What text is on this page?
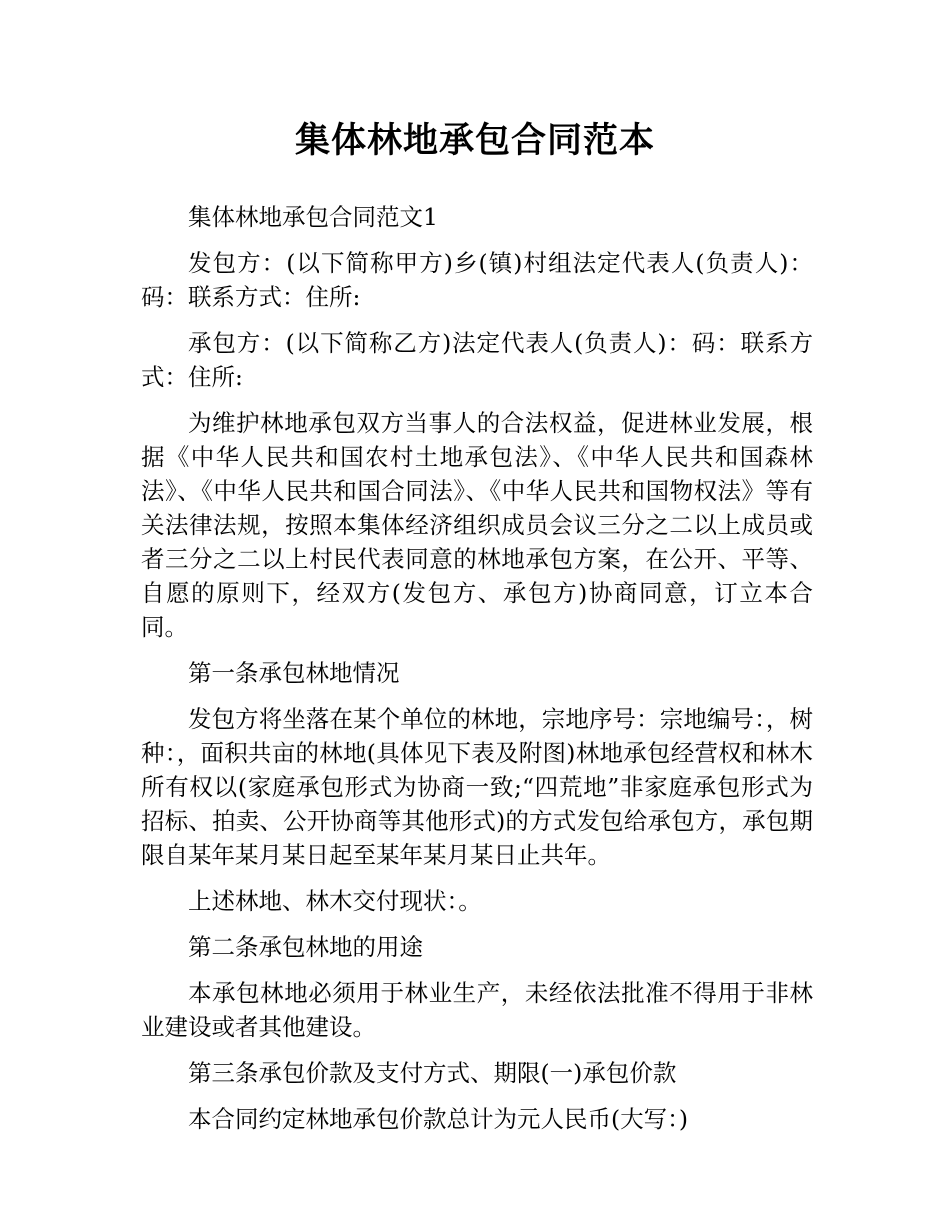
集体林地承包合同范本

集体林地承包合同范文1

发包方：(以下简称甲方)乡(镇)村组法定代表人(负责人)：码：联系方式：住所:

承包方：(以下简称乙方)法定代表人(负责人)：码：联系方式：住所:

为维护林地承包双方当事人的合法权益，促进林业发展，根据《中华人民共和国农村土地承包法》、《中华人民共和国森林法》、《中华人民共和国合同法》、《中华人民共和国物权法》等有关法律法规，按照本集体经济组织成员会议三分之二以上成员或者三分之二以上村民代表同意的林地承包方案，在公开、平等、自愿的原则下，经双方(发包方、承包方)协商同意，订立本合同。

第一条承包林地情况

发包方将坐落在某个单位的林地，宗地序号：宗地编号：，树种：，面积共亩的林地(具体见下表及附图)林地承包经营权和林木所有权以(家庭承包形式为协商一致;“四荒地”非家庭承包形式为招标、拍卖、公开协商等其他形式)的方式发包给承包方，承包期限自某年某月某日起至某年某月某日止共年。

上述林地、林木交付现状：。

第二条承包林地的用途

本承包林地必须用于林业生产，未经依法批准不得用于非林业建设或者其他建设。

第三条承包价款及支付方式、期限(一)承包价款

本合同约定林地承包价款总计为元人民币(大写：)
